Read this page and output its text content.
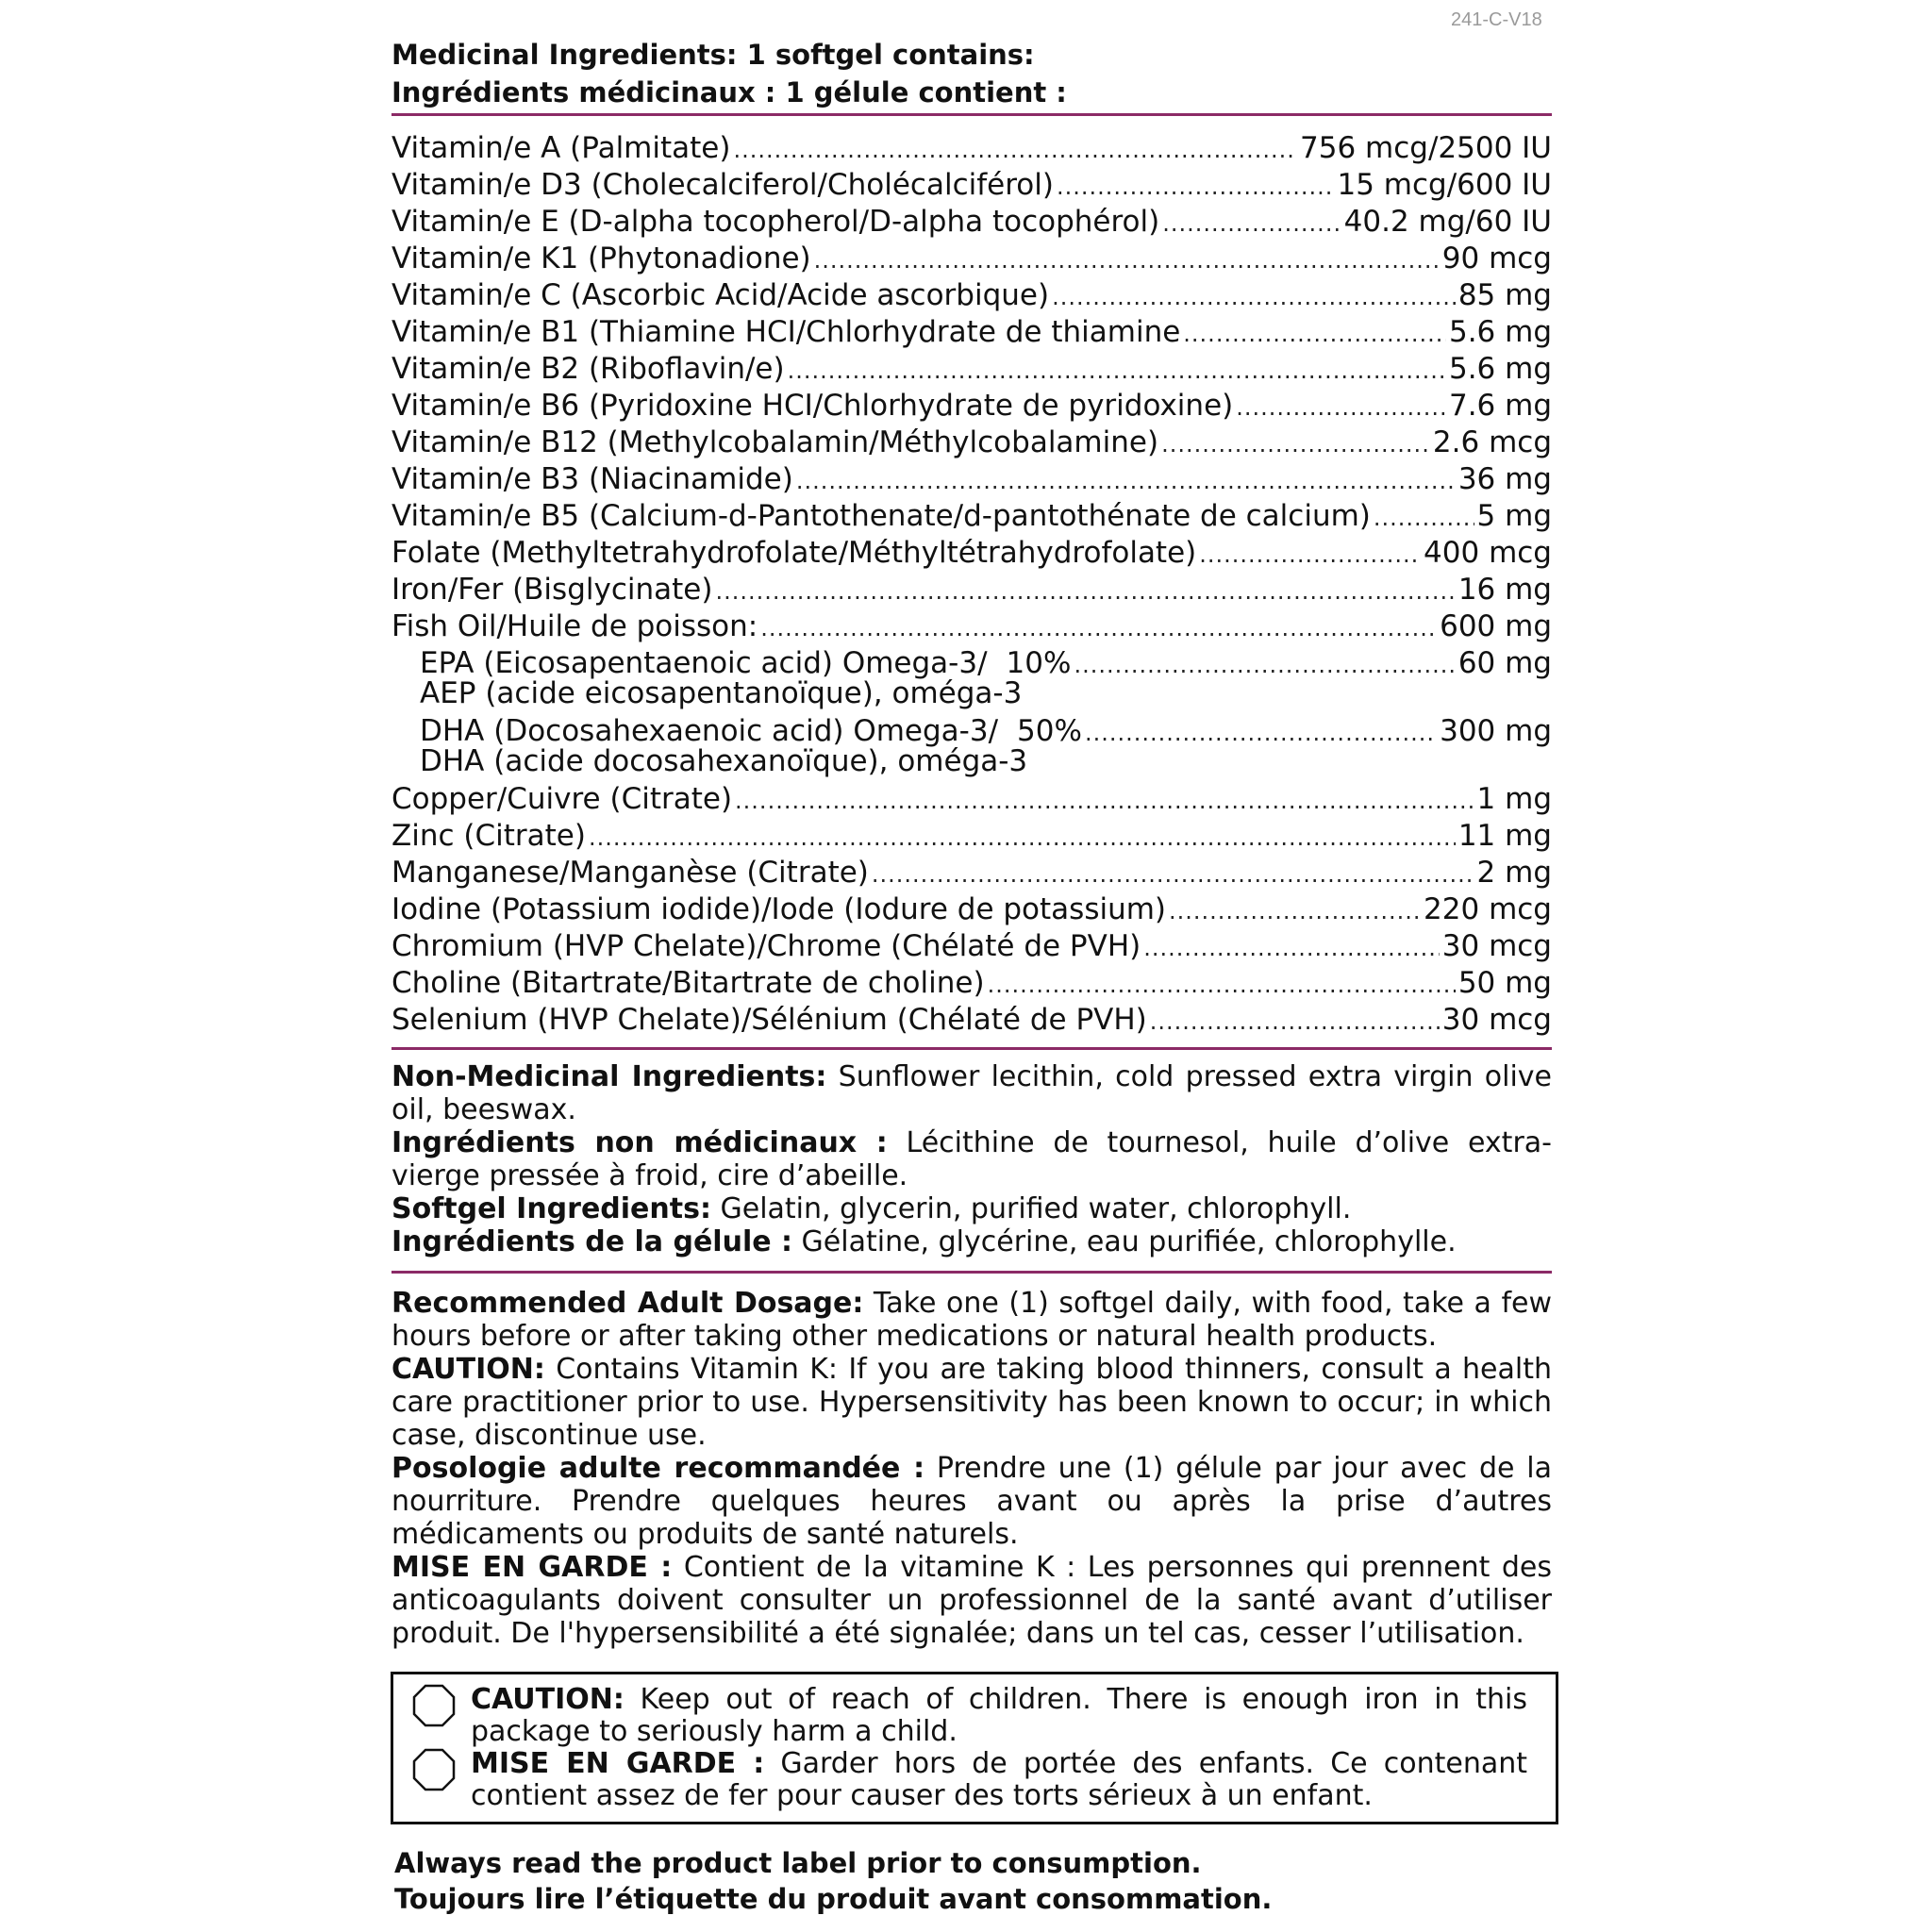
241-C-V18
Medicinal Ingredients: 1 softgel contains:
Ingrédients médicinaux : 1 gélule contient :
Vitamin/e A (Palmitate) .....	756 mcg/2500 IU
Vitamin/e D3 (Cholecalciferol/Cholécalciférol) .....	15 mcg/600 IU
Vitamin/e E (D-alpha tocopherol/D-alpha tocophérol) .....	40.2 mg/60 IU
Vitamin/e K1 (Phytonadione) .....	90 mcg
Vitamin/e C (Ascorbic Acid/Acide ascorbique) .....	85 mg
Vitamin/e B1 (Thiamine HCI/Chlorhydrate de thiamine .....	5.6 mg
Vitamin/e B2 (Riboflavin/e) .....	5.6 mg
Vitamin/e B6 (Pyridoxine HCI/Chlorhydrate de pyridoxine) .....	7.6 mg
Vitamin/e B12 (Methylcobalamin/Méthylcobalamine) .....	2.6 mcg
Vitamin/e B3 (Niacinamide) .....	36 mg
Vitamin/e B5 (Calcium-d-Pantothenate/d-pantothénate de calcium) .....	5 mg
Folate (Methyltetrahydrofolate/Méthyltétrahydrofolate) .....	400 mcg
Iron/Fer (Bisglycinate) .....	16 mg
Fish Oil/Huile de poisson: .....	600 mg
EPA (Eicosapentaenoic acid) Omega-3/ 10% .....	60 mg
AEP (acide eicosapentanoïque), oméga-3
DHA (Docosahexaenoic acid) Omega-3/ 50% .....	300 mg
DHA (acide docosahexanoïque), oméga-3
Copper/Cuivre (Citrate) .....	1 mg
Zinc (Citrate) .....	11 mg
Manganese/Manganèse (Citrate) .....	2 mg
Iodine (Potassium iodide)/Iode (Iodure de potassium) .....	220 mcg
Chromium (HVP Chelate)/Chrome (Chélaté de PVH) .....	30 mcg
Choline (Bitartrate/Bitartrate de choline) .....	50 mg
Selenium (HVP Chelate)/Sélénium (Chélaté de PVH) .....	30 mcg
Non-Medicinal Ingredients: Sunflower lecithin, cold pressed extra virgin olive oil, beeswax.
Ingrédients non médicinaux : Lécithine de tournesol, huile d’olive extra-vierge pressée à froid, cire d’abeille.
Softgel Ingredients: Gelatin, glycerin, purified water, chlorophyll.
Ingrédients de la gélule : Gélatine, glycérine, eau purifiée, chlorophylle.
Recommended Adult Dosage: Take one (1) softgel daily, with food, take a few hours before or after taking other medications or natural health products.
CAUTION: Contains Vitamin K: If you are taking blood thinners, consult a health care practitioner prior to use. Hypersensitivity has been known to occur; in which case, discontinue use.
Posologie adulte recommandée : Prendre une (1) gélule par jour avec de la nourriture. Prendre quelques heures avant ou après la prise d’autres médicaments ou produits de santé naturels.
MISE EN GARDE : Contient de la vitamine K : Les personnes qui prennent des anticoagulants doivent consulter un professionnel de la santé avant d’utiliser produit. De l'hypersensibilité a été signalée; dans un tel cas, cesser l’utilisation.
CAUTION: Keep out of reach of children. There is enough iron in this package to seriously harm a child.
MISE EN GARDE : Garder hors de portée des enfants. Ce contenant contient assez de fer pour causer des torts sérieux à un enfant.
Always read the product label prior to consumption.
Toujours lire l’étiquette du produit avant consommation.
